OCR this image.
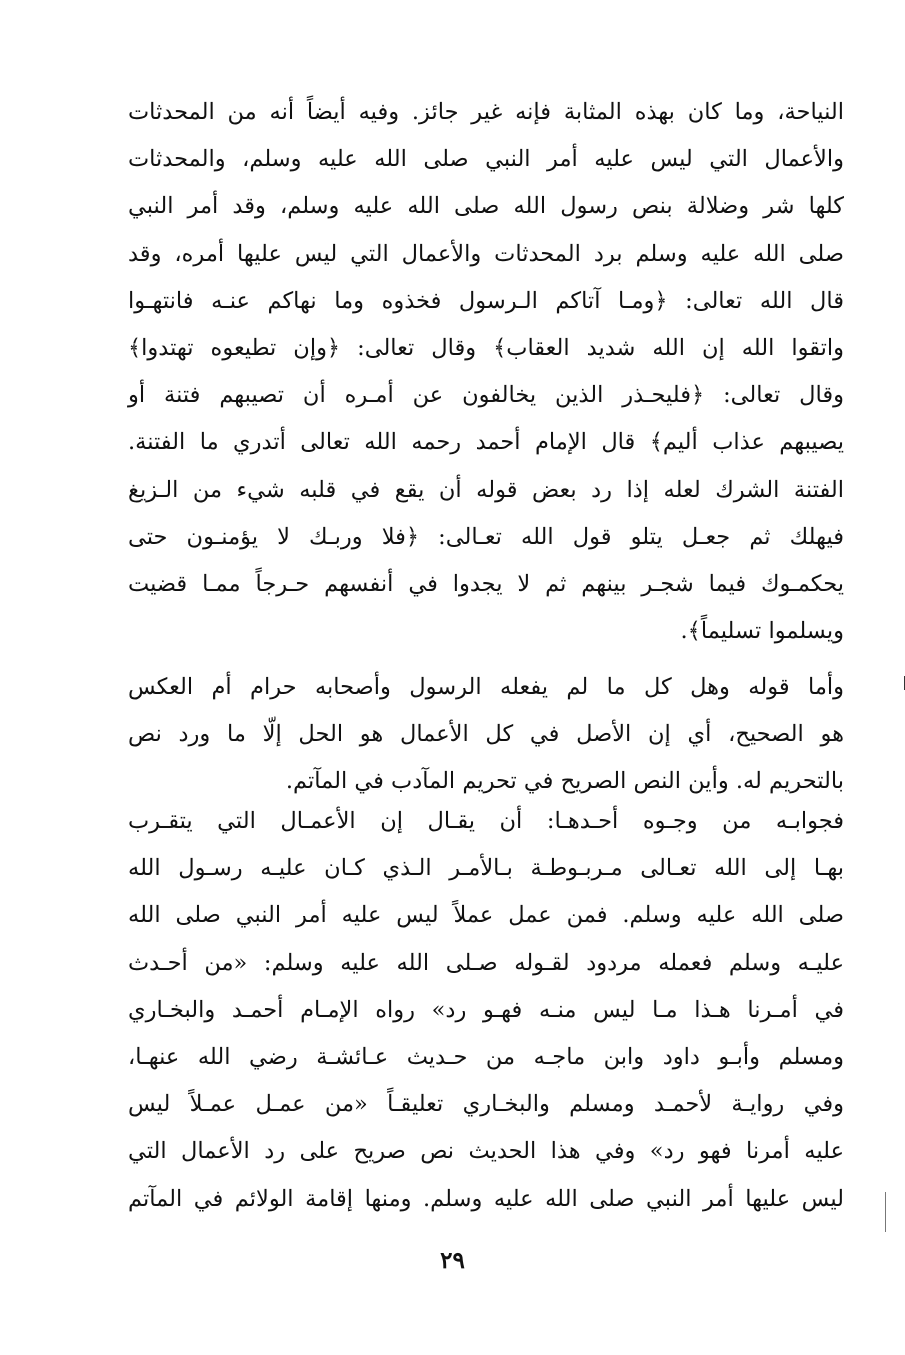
النياحة، وما كان بهذه المثابة فإنه غير جائز. وفيه أيضاً أنه من المحدثات
والأعمال التي ليس عليه أمر النبي صلى الله عليه وسلم، والمحدثات
كلها شر وضلالة بنص رسول الله صلى الله عليه وسلم، وقد أمر النبي
صلى الله عليه وسلم برد المحدثات والأعمال التي ليس عليها أمره، وقد
قال الله تعالى: ﴿ومـا آتاكم الـرسول فخذوه وما نهاكم عنـه فانتهـوا
واتقوا الله إن الله شديد العقاب﴾ وقال تعالى: ﴿وإن تطيعوه تهتدوا﴾
وقال تعالى: ﴿فليحـذر الذين يخالفون عن أمـره أن تصيبهم فتنة أو
يصيبهم عذاب أليم﴾ قال الإمام أحمد رحمه الله تعالى أتدري ما الفتنة.
الفتنة الشرك لعله إذا رد بعض قوله أن يقع في قلبه شيء من الـزيغ
فيهلك ثم جعـل يتلو قول الله تعـالى: ﴿فلا وربـك لا يؤمنـون حتى
يحكمـوك فيما شجـر بينهم ثم لا يجدوا في أنفسهم حـرجاً ممـا قضيت
ويسلموا تسليماً﴾.
وأما قوله وهل كل ما لم يفعله الرسول وأصحابه حرام أم العكس
هو الصحيح، أي إن الأصل في كل الأعمال هو الحل إلّا ما ورد نص
بالتحريم له. وأين النص الصريح في تحريم المآدب في المآتم.
فجوابـه من وجـوه أحـدهـا: أن يقـال إن الأعمـال التي يتقـرب
بهـا إلى الله تعـالى مـربـوطـة بـالأمـر الـذي كـان عليـه رسـول الله
صلى الله عليه وسلم. فمن عمل عملاً ليس عليه أمر النبي صلى الله
عليـه وسلم فعمله مردود لقـوله صـلى الله عليه وسلم: «من أحـدث
في أمـرنا هـذا مـا ليس منـه فهـو رد» رواه الإمـام أحمـد والبخـاري
ومسلم وأبـو داود وابن ماجـه من حـديث عـائشـة رضي الله عنهـا،
وفي روايـة لأحمـد ومسلم والبخـاري تعليقـاً «من عمـل عمـلاً ليس
عليه أمرنا فهو رد» وفي هذا الحديث نص صريح على رد الأعمال التي
ليس عليها أمر النبي صلى الله عليه وسلم. ومنها إقامة الولائم في المآتم
٢٩
